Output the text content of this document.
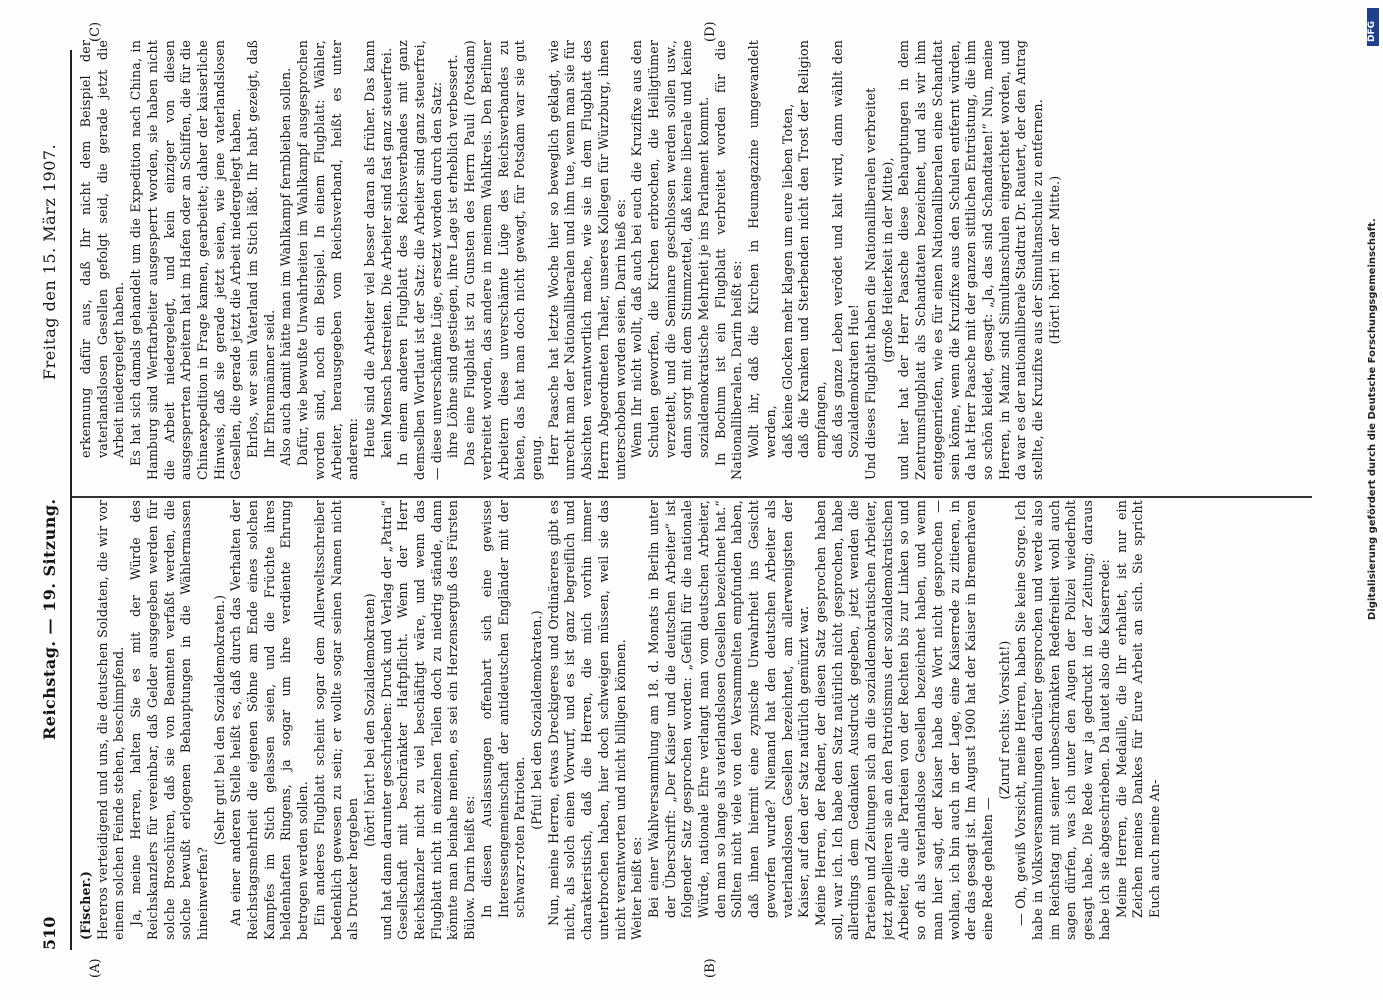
510
Reichstag. — 19. Sitzung.
Freitag den 15. März 1907.
(A)	(B)
(C)	(D)

(Fischer.) Hereros verteidigend und uns, die deutschen Soldaten, die wir vor einem solchen Feinde stehen, beschimpfend. Ja, meine Herren, halten Sie es mit der Würde des Reichskanzlers für vereinbar, daß Gelder ausgegeben werden für solche Broschüren, daß sie von Beamten verfaßt werden, die solche bewußt erlogenen Behauptungen in die Wählermassen hineinwerfen?

(Sehr gut! bei den Sozialdemokraten.) An einer anderen Stelle heißt es, daß durch das Verhalten der Reichstagsmehrheit die eigenen Söhne am Ende eines solchen Kampfes im Stich gelassen seien, und die Früchte ihres heldenhaften Ringens, ja sogar um ihre verdiente Ehrung betrogen werden sollen. Ein anderes Flugblatt scheint sogar dem Allerweltsschreiber bedenklich gewesen zu sein; er wollte sogar seinen Namen nicht als Drucker hergeben

(hört! hört! bei den Sozialdemokraten) und hat dann darunter geschrieben: Druck und Verlag der „Patria“ Gesellschaft mit beschränkter Haftpflicht. Wenn der Herr Reichskanzler nicht zu viel beschäftigt wäre, und wenn das Flugblatt nicht in einzelnen Teilen doch zu niedrig stände, dann könnte man beinahe meinen, es sei ein Herzenserguß des Fürsten Bülow. Darin heißt es: In diesen Auslassungen offenbart sich eine gewisse Interessengemeinschaft der antideutschen Engländer mit der schwarz-roten Patrioten.

(Pfui! bei den Sozialdemokraten.) Nun, meine Herren, etwas Dreckigeres und Ordinäreres gibt es nicht, als solch einen Vorwurf, und es ist ganz begreiflich und charakteristisch, daß die Herren, die mich vorhin immer unterbrochen haben, hier doch schweigen müssen, weil sie das nicht verantworten und nicht billigen können. Weiter heißt es: Bei einer Wahlversammlung am 18. d. Monats in Berlin unter der Überschrift: „Der Kaiser und die deutschen Arbeiter“ ist folgender Satz gesprochen worden: „Gefühl für die nationale Würde, nationale Ehre verlangt man vom deutschen Arbeiter, den man so lange als vaterlandslosen Gesellen bezeichnet hat.“ Sollten nicht viele von den Versammelten empfunden haben, daß ihnen hiermit eine zynische Unwahrheit ins Gesicht geworfen wurde? Niemand hat den deutschen Arbeiter als vaterlandslosen Gesellen bezeichnet, am allerwenigsten der Kaiser, auf den der Satz natürlich gemünzt war. Meine Herren, der Redner, der diesen Satz gesprochen haben soll, war ich. Ich habe den Satz natürlich nicht gesprochen, habe allerdings dem Gedanken Ausdruck gegeben, jetzt wenden die Parteien und Zeitungen sich an die sozialdemokratischen Arbeiter, jetzt appellieren sie an den Patriotismus der sozialdemokratischen Arbeiter, die alle Parteien von der Rechten bis zur Linken so und so oft als vaterlandslose Gesellen bezeichnet haben, und wenn man hier sagt, der Kaiser habe das Wort nicht gesprochen — wohlan, ich bin auch in der Lage, eine Kaiserrede zu zitieren, in der das gesagt ist. Im August 1900 hat der Kaiser in Bremerhaven eine Rede gehalten —

(Zuruf rechts: Vorsicht!) — Oh, gewiß Vorsicht, meine Herren, haben Sie keine Sorge. Ich habe in Volksversammlungen darüber gesprochen und werde also im Reichstag mit seiner unbeschränkten Redefreiheit wohl auch sagen dürfen, was ich unter den Augen der Polizei wiederholt gesagt habe. Die Rede war ja gedruckt in der Zeitung; daraus habe ich sie abgeschrieben. Da lautet also die Kaiserrede: Meine Herren, die Medaille, die Ihr erhaltet, ist nur ein Zeichen meines Dankes für Eure Arbeit an sich. Sie spricht Euch auch meine An-

erkennung dafür aus, daß Ihr nicht dem Beispiel der vaterlandslosen Gesellen gefolgt seid, die gerade jetzt die Arbeit niedergelegt haben. Es hat sich damals gehandelt um die Expedition nach China, in Hamburg sind Werftarbeiter ausgesperrt worden, sie haben nicht die Arbeit niedergelegt, und kein einziger von diesen ausgesperrten Arbeitern hat im Hafen oder an Schiffen, die für die Chinaexpedition in Frage kamen, gearbeitet; daher der kaiserliche Hinweis, daß sie gerade jetzt seien, wie jene vaterlandslosen Gesellen, die gerade jetzt die Arbeit niedergelegt haben. Ehrlos, wer sein Vaterland im Stich läßt. Ihr habt gezeigt, daß Ihr Ehrenmänner seid. Also auch damit hätte man im Wahlkampf fernbleiben sollen. Dafür, wie bewußte Unwahrheiten im Wahlkampf ausgesprochen worden sind, noch ein Beispiel. In einem Flugblatt: Wähler, Arbeiter, herausgegeben vom Reichsverband, heißt es unter anderem: Heute sind die Arbeiter viel besser daran als früher. Das kann kein Mensch bestreiten. Die Arbeiter sind fast ganz steuerfrei. In einem anderen Flugblatt des Reichsverbandes mit ganz demselben Wortlaut ist der Satz: die Arbeiter sind ganz steuerfrei, — diese unverschämte Lüge, ersetzt worden durch den Satz: ihre Löhne sind gestiegen, ihre Lage ist erheblich verbessert. Das eine Flugblatt ist zu Gunsten des Herrn Pauli (Potsdam) verbreitet worden, das andere in meinem Wahlkreis. Den Berliner Arbeitern diese unverschämte Lüge des Reichsverbandes zu bieten, das hat man doch nicht gewagt, für Potsdam war sie gut genug. Herr Paasche hat letzte Woche hier so beweglich geklagt, wie unrecht man der Nationalliberalen und ihm tue, wenn man sie für Absichten verantwortlich mache, wie sie in dem Flugblatt des Herrn Abgeordneten Thaler, unseres Kollegen für Würzburg, ihnen unterschoben worden seien. Darin hieß es: Wenn Ihr nicht wollt, daß auch bei euch die Kruzifixe aus den Schulen geworfen, die Kirchen erbrochen, die Heiligtümer verzettelt, und die Seminare geschlossen werden sollen usw., dann sorgt mit dem Stimmzettel, daß keine liberale und keine sozialdemokratische Mehrheit je ins Parlament kommt. In Bochum ist ein Flugblatt verbreitet worden für die Nationalliberalen. Darin heißt es: Wollt ihr, daß die Kirchen in Heumagazine umgewandelt werden, daß keine Glocken mehr klagen um eure lieben Toten, daß die Kranken und Sterbenden nicht den Trost der Religion empfangen, daß das ganze Leben verödet und kalt wird, dann wählt den Sozialdemokraten Hue! Und dieses Flugblatt haben die Nationalliberalen verbreitet (große Heiterkeit in der Mitte), und hier hat der Herr Paasche diese Behauptungen in dem Zentrumsflugblatt als Schandtaten bezeichnet, und als wir ihm entgegenriefen, wie es für einen Nationalliberalen eine Schandtat sein könne, wenn die Kruzifixe aus den Schulen entfernt würden, da hat Herr Paasche mit der ganzen sittlichen Entrüstung, die ihm so schön kleidet, gesagt: „Ja, das sind Schandtaten!“ Nun, meine Herren, in Mainz sind Simultanschulen eingerichtet worden, und da war es der nationalliberale Stadtrat Dr. Rautert, der den Antrag stellte, die Kruzifixe aus der Simultanschule zu entfernen. (Hört! hört! in der Mitte.)

DFG
Digitalisierung gefördert durch die Deutsche Forschungsgemeinschaft.
